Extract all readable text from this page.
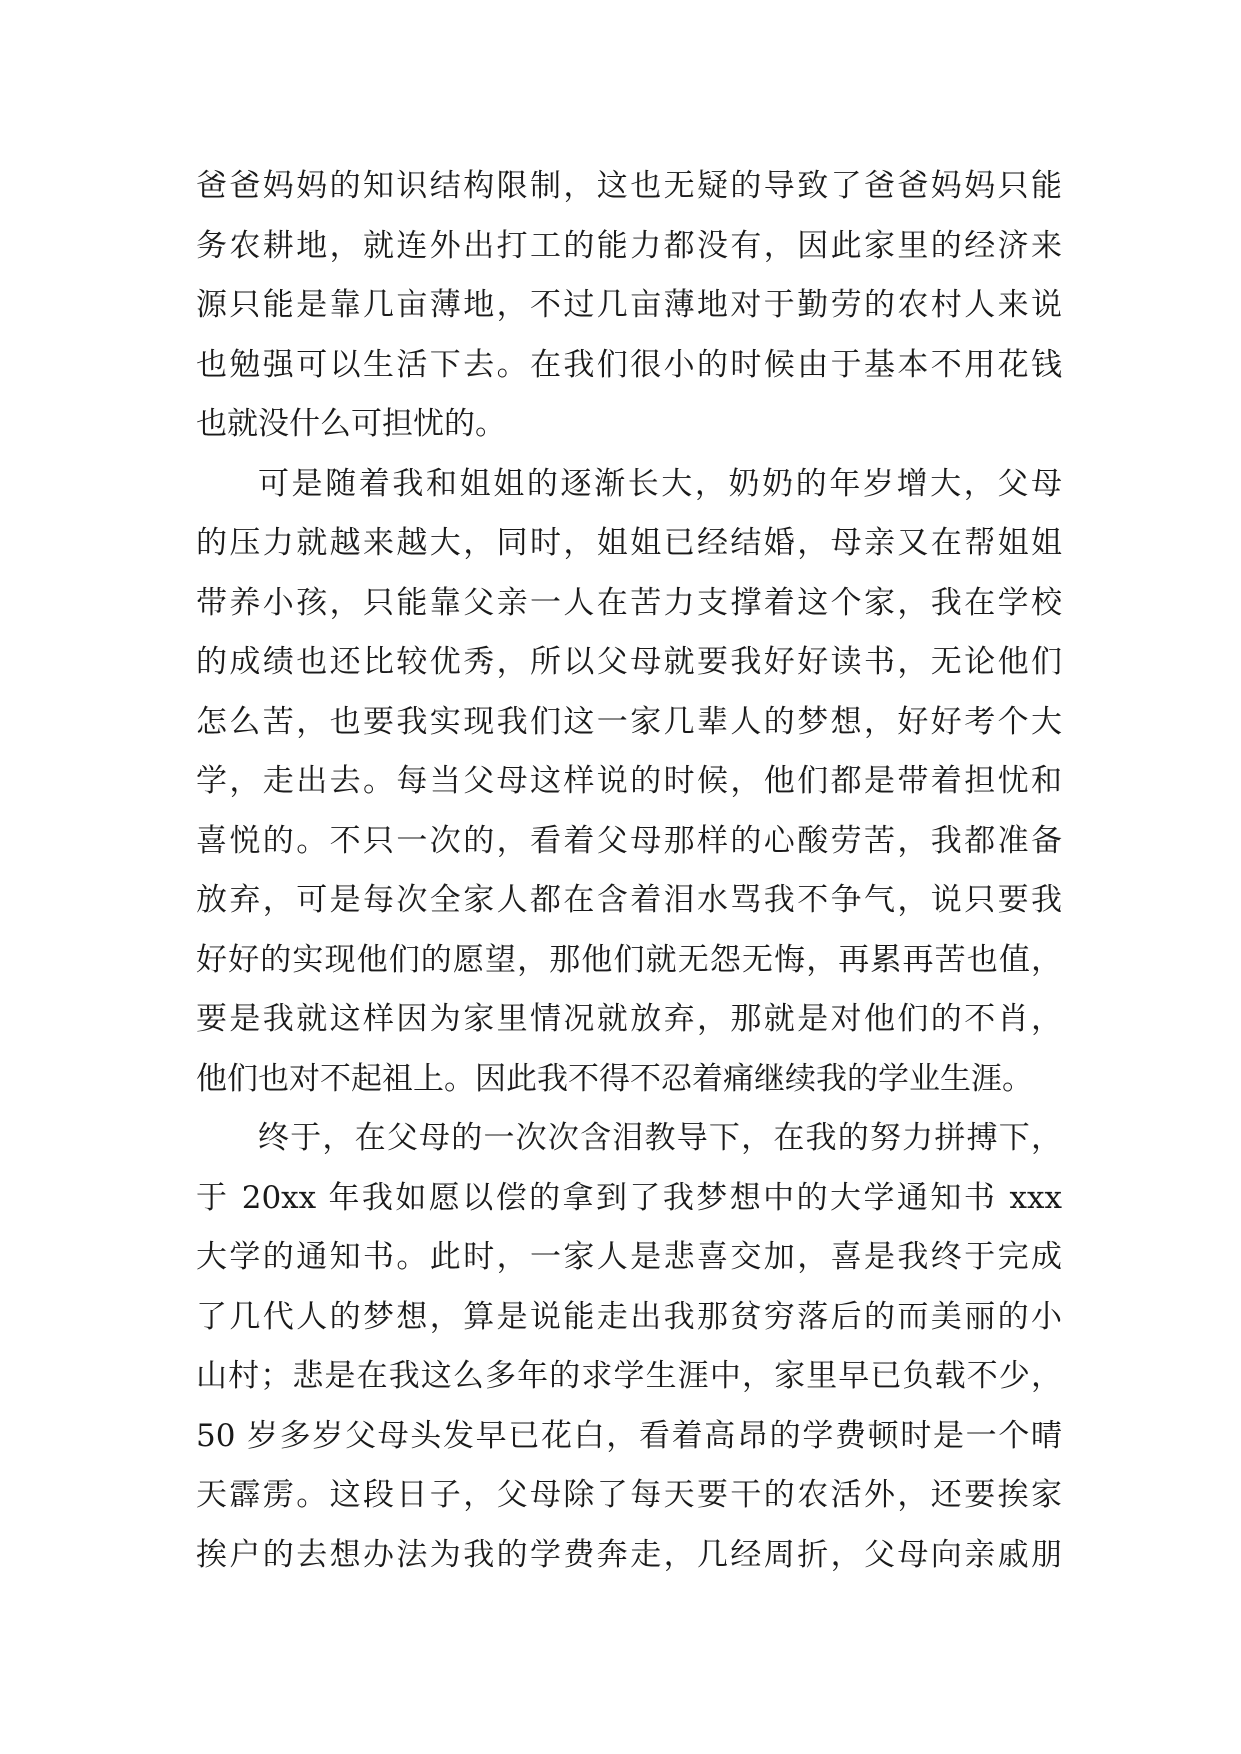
爸爸妈妈的知识结构限制，这也无疑的导致了爸爸妈妈只能
务农耕地，就连外出打工的能力都没有，因此家里的经济来
源只能是靠几亩薄地，不过几亩薄地对于勤劳的农村人来说
也勉强可以生活下去。在我们很小的时候由于基本不用花钱
也就没什么可担忧的。
可是随着我和姐姐的逐渐长大，奶奶的年岁增大，父母
的压力就越来越大，同时，姐姐已经结婚，母亲又在帮姐姐
带养小孩，只能靠父亲一人在苦力支撑着这个家，我在学校
的成绩也还比较优秀，所以父母就要我好好读书，无论他们
怎么苦，也要我实现我们这一家几辈人的梦想，好好考个大
学，走出去。每当父母这样说的时候，他们都是带着担忧和
喜悦的。不只一次的，看着父母那样的心酸劳苦，我都准备
放弃，可是每次全家人都在含着泪水骂我不争气，说只要我
好好的实现他们的愿望，那他们就无怨无悔，再累再苦也值，
要是我就这样因为家里情况就放弃，那就是对他们的不肖，
他们也对不起祖上。因此我不得不忍着痛继续我的学业生涯。
终于，在父母的一次次含泪教导下，在我的努力拼搏下，
于 20xx 年我如愿以偿的拿到了我梦想中的大学通知书 xxx
大学的通知书。此时，一家人是悲喜交加，喜是我终于完成
了几代人的梦想，算是说能走出我那贫穷落后的而美丽的小
山村；悲是在我这么多年的求学生涯中，家里早已负载不少，
50 岁多岁父母头发早已花白，看着高昂的学费顿时是一个晴
天霹雳。这段日子，父母除了每天要干的农活外，还要挨家
挨户的去想办法为我的学费奔走，几经周折，父母向亲戚朋
